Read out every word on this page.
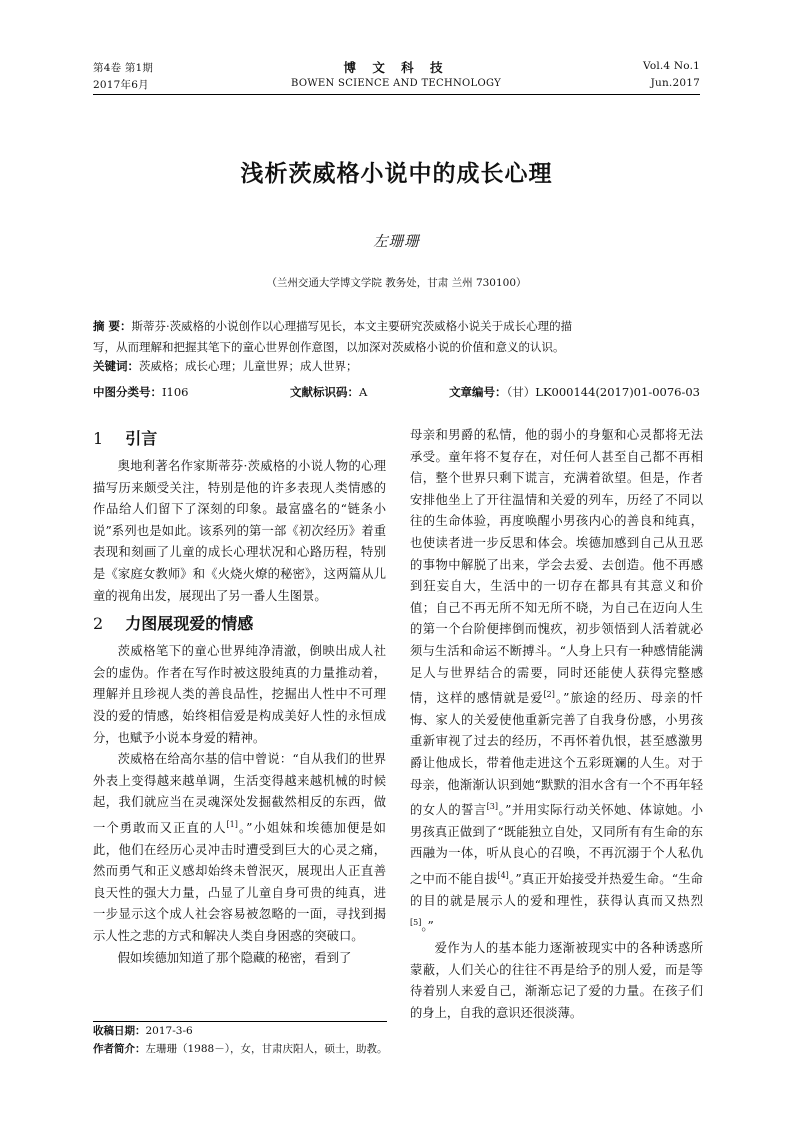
第4卷 第1期
2017年6月
博 文 科 技
BOWEN SCIENCE AND TECHNOLOGY
Vol.4 No.1
Jun.2017
浅析茨威格小说中的成长心理
左珊珊
（兰州交通大学博文学院 教务处，甘肃 兰州 730100）
摘 要：斯蒂芬·茨威格的小说创作以心理描写见长，本文主要研究茨威格小说关于成长心理的描
写，从而理解和把握其笔下的童心世界创作意图，以加深对茨威格小说的价值和意义的认识。
关键词：茨威格；成长心理；儿童世界；成人世界；
中图分类号：I106	文献标识码：A	文章编号：（甘）LK000144(2017)01-0076-03
1 引言

奥地利著名作家斯蒂芬·茨威格的小说人物的心理描写历来颇受关注，特别是他的许多表现人类情感的作品给人们留下了深刻的印象。最富盛名的“链条小说”系列也是如此。该系列的第一部《初次经历》着重表现和刻画了儿童的成长心理状况和心路历程，特别是《家庭女教师》和《火烧火燎的秘密》，这两篇从儿童的视角出发，展现出了另一番人生图景。

2 力图展现爱的情感

茨威格笔下的童心世界纯净清澈，倒映出成人社会的虚伪。作者在写作时被这股纯真的力量推动着，理解并且珍视人类的善良品性，挖掘出人性中不可理没的爱的情感，始终相信爱是构成美好人性的永恒成分，也赋予小说本身爱的精神。

茨威格在给高尔基的信中曾说：“自从我们的世界外表上变得越来越单调，生活变得越来越机械的时候起，我们就应当在灵魂深处发掘截然相反的东西，做一个勇敢而又正直的人[1]。”小姐妹和埃德加便是如此，他们在经历心灵冲击时遭受到巨大的心灵之痛，然而勇气和正义感却始终未曾泯灭，展现出人正直善良天性的强大力量，凸显了儿童自身可贵的纯真，进一步显示这个成人社会容易被忽略的一面，寻找到揭示人性之悲的方式和解决人类自身困惑的突破口。

假如埃德加知道了那个隐藏的秘密，看到了

收稿日期：2017-3-6
作者简介：左珊珊（1988－），女，甘肃庆阳人，硕士，助教。

母亲和男爵的私情，他的弱小的身躯和心灵都将无法承受。童年将不复存在，对任何人甚至自己都不再相信，整个世界只剩下谎言，充满着欲望。但是，作者安排他坐上了开往温情和关爱的列车，历经了不同以往的生命体验，再度唤醒小男孩内心的善良和纯真，也使读者进一步反思和体会。埃德加感到自己从丑恶的事物中解脱了出来，学会去爱、去创造。他不再感到狂妄自大，生活中的一切存在都具有其意义和价值；自己不再无所不知无所不晓，为自己在迈向人生的第一个台阶便摔倒而愧疚，初步领悟到人活着就必须与生活和命运不断搏斗。“人身上只有一种感情能满足人与世界结合的需要，同时还能使人获得完整感情，这样的感情就是爱[2]。”旅途的经历、母亲的忏悔、家人的关爱使他重新完善了自我身份感，小男孩重新审视了过去的经历，不再怀着仇恨，甚至感激男爵让他成长，带着他走进这个五彩斑斓的人生。对于母亲，他渐渐认识到她“默默的泪水含有一个不再年轻的女人的誓言[3]。”并用实际行动关怀她、体谅她。小男孩真正做到了“既能独立自处，又同所有有生命的东西融为一体，听从良心的召唤，不再沉溺于个人私仇之中而不能自拔[4]。”真正开始接受并热爱生命。“生命的目的就是展示人的爱和理性，获得认真而又热烈[5]。”

爱作为人的基本能力逐渐被现实中的各种诱惑所蒙蔽，人们关心的往往不再是给予的別人爱，而是等待着别人来爱自己，渐渐忘记了爱的力量。在孩子们的身上，自我的意识还很淡薄。
